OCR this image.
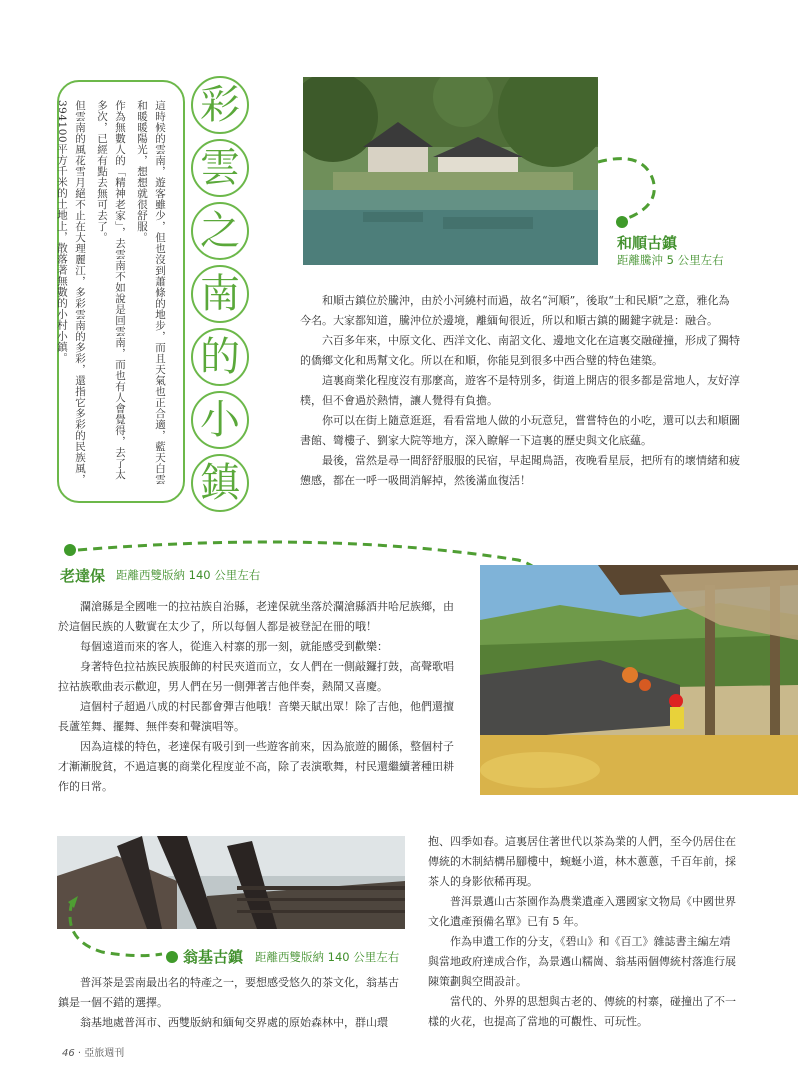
這時候的雲南，遊客雖少，但也沒到蕭條的地步，而且天氣也正合適，藍天白雲和暖暖陽光，想想就很舒服。

作為無數人的「精神老家」，去雲南不如說是回雲南，而也有人會覺得，去了太多次，已經有點去無可去了。

但雲南的風花雪月絕不止在大理麗江，多彩雲南的多彩，還指它多彩的民族風，394100平方千米的土地上，散落著無數的小村小鎮。	彩
雲
之
南
的
小
鎮
和順古鎮
距離騰沖 5 公里左右

和順古鎮位於騰沖，由於小河繞村而過，故名“河順”，後取“士和民順”之意，雅化為今名。大家都知道，騰沖位於邊境，離緬甸很近，所以和順古鎮的關鍵字就是：融合。

六百多年來，中原文化、西洋文化、南詔文化、邊地文化在這裏交融碰撞，形成了獨特的僑鄉文化和馬幫文化。所以在和順，你能見到很多中西合璧的特色建築。

這裏商業化程度沒有那麼高，遊客不是特別多，街道上開店的很多都是當地人，友好淳樸，但不會過於熱情，讓人覺得有負擔。

你可以在街上隨意逛逛，看看當地人做的小玩意兒，嘗嘗特色的小吃，還可以去和順圖書館、彎樓子、劉家大院等地方，深入瞭解一下這裏的歷史與文化底蘊。

最後，當然是尋一間舒舒服服的民宿，早起聞鳥語，夜晚看星辰，把所有的壞情緒和疲憊感，都在一呼一吸間消解掉，然後滿血復活！

老達保 距離西雙版納 140 公里左右

瀾滄縣是全國唯一的拉祜族自治縣，老達保就坐落於瀾滄縣酒井哈尼族鄉，由於這個民族的人數實在太少了，所以每個人都是被登記在冊的哦！

每個遠道而來的客人，從進入村寨的那一刻，就能感受到歡樂：

身著特色拉祜族民族服飾的村民夾道而立，女人們在一側敲鑼打鼓，高聲歌唱拉祜族歌曲表示歡迎，男人們在另一側彈著吉他伴奏，熱鬧又喜慶。

這個村子超過八成的村民都會彈吉他哦！音樂天賦出眾！除了吉他，他們還擅長蘆笙舞、擺舞、無伴奏和聲演唱等。

因為這樣的特色，老達保有吸引到一些遊客前來，因為旅遊的關係，整個村子才漸漸脫貧，不過這裏的商業化程度並不高，除了表演歌舞，村民還繼續著種田耕作的日常。

翁基古鎮 距離西雙版納 140 公里左右

普洱茶是雲南最出名的特產之一，要想感受悠久的茶文化，翁基古鎮是一個不錯的選擇。

翁基地處普洱市、西雙版納和緬甸交界處的原始森林中，群山環

抱、四季如春。這裏居住著世代以茶為業的人們，至今仍居住在傳統的木制結構吊腳樓中，蜿蜒小道，林木蔥蔥，千百年前，採茶人的身影依稀再現。

普洱景邁山古茶園作為農業遺產入選國家文物局《中國世界文化遺產預備名單》已有 5 年。

作為申遺工作的分支，《碧山》和《百工》雜誌書主編左靖與當地政府達成合作，為景邁山糯崗、翁基兩個傳統村落進行展陳策劃與空間設計。

當代的、外界的思想與古老的、傳統的村寨，碰撞出了不一樣的火花，也提高了當地的可觀性、可玩性。

46 · 亞旅週刊
